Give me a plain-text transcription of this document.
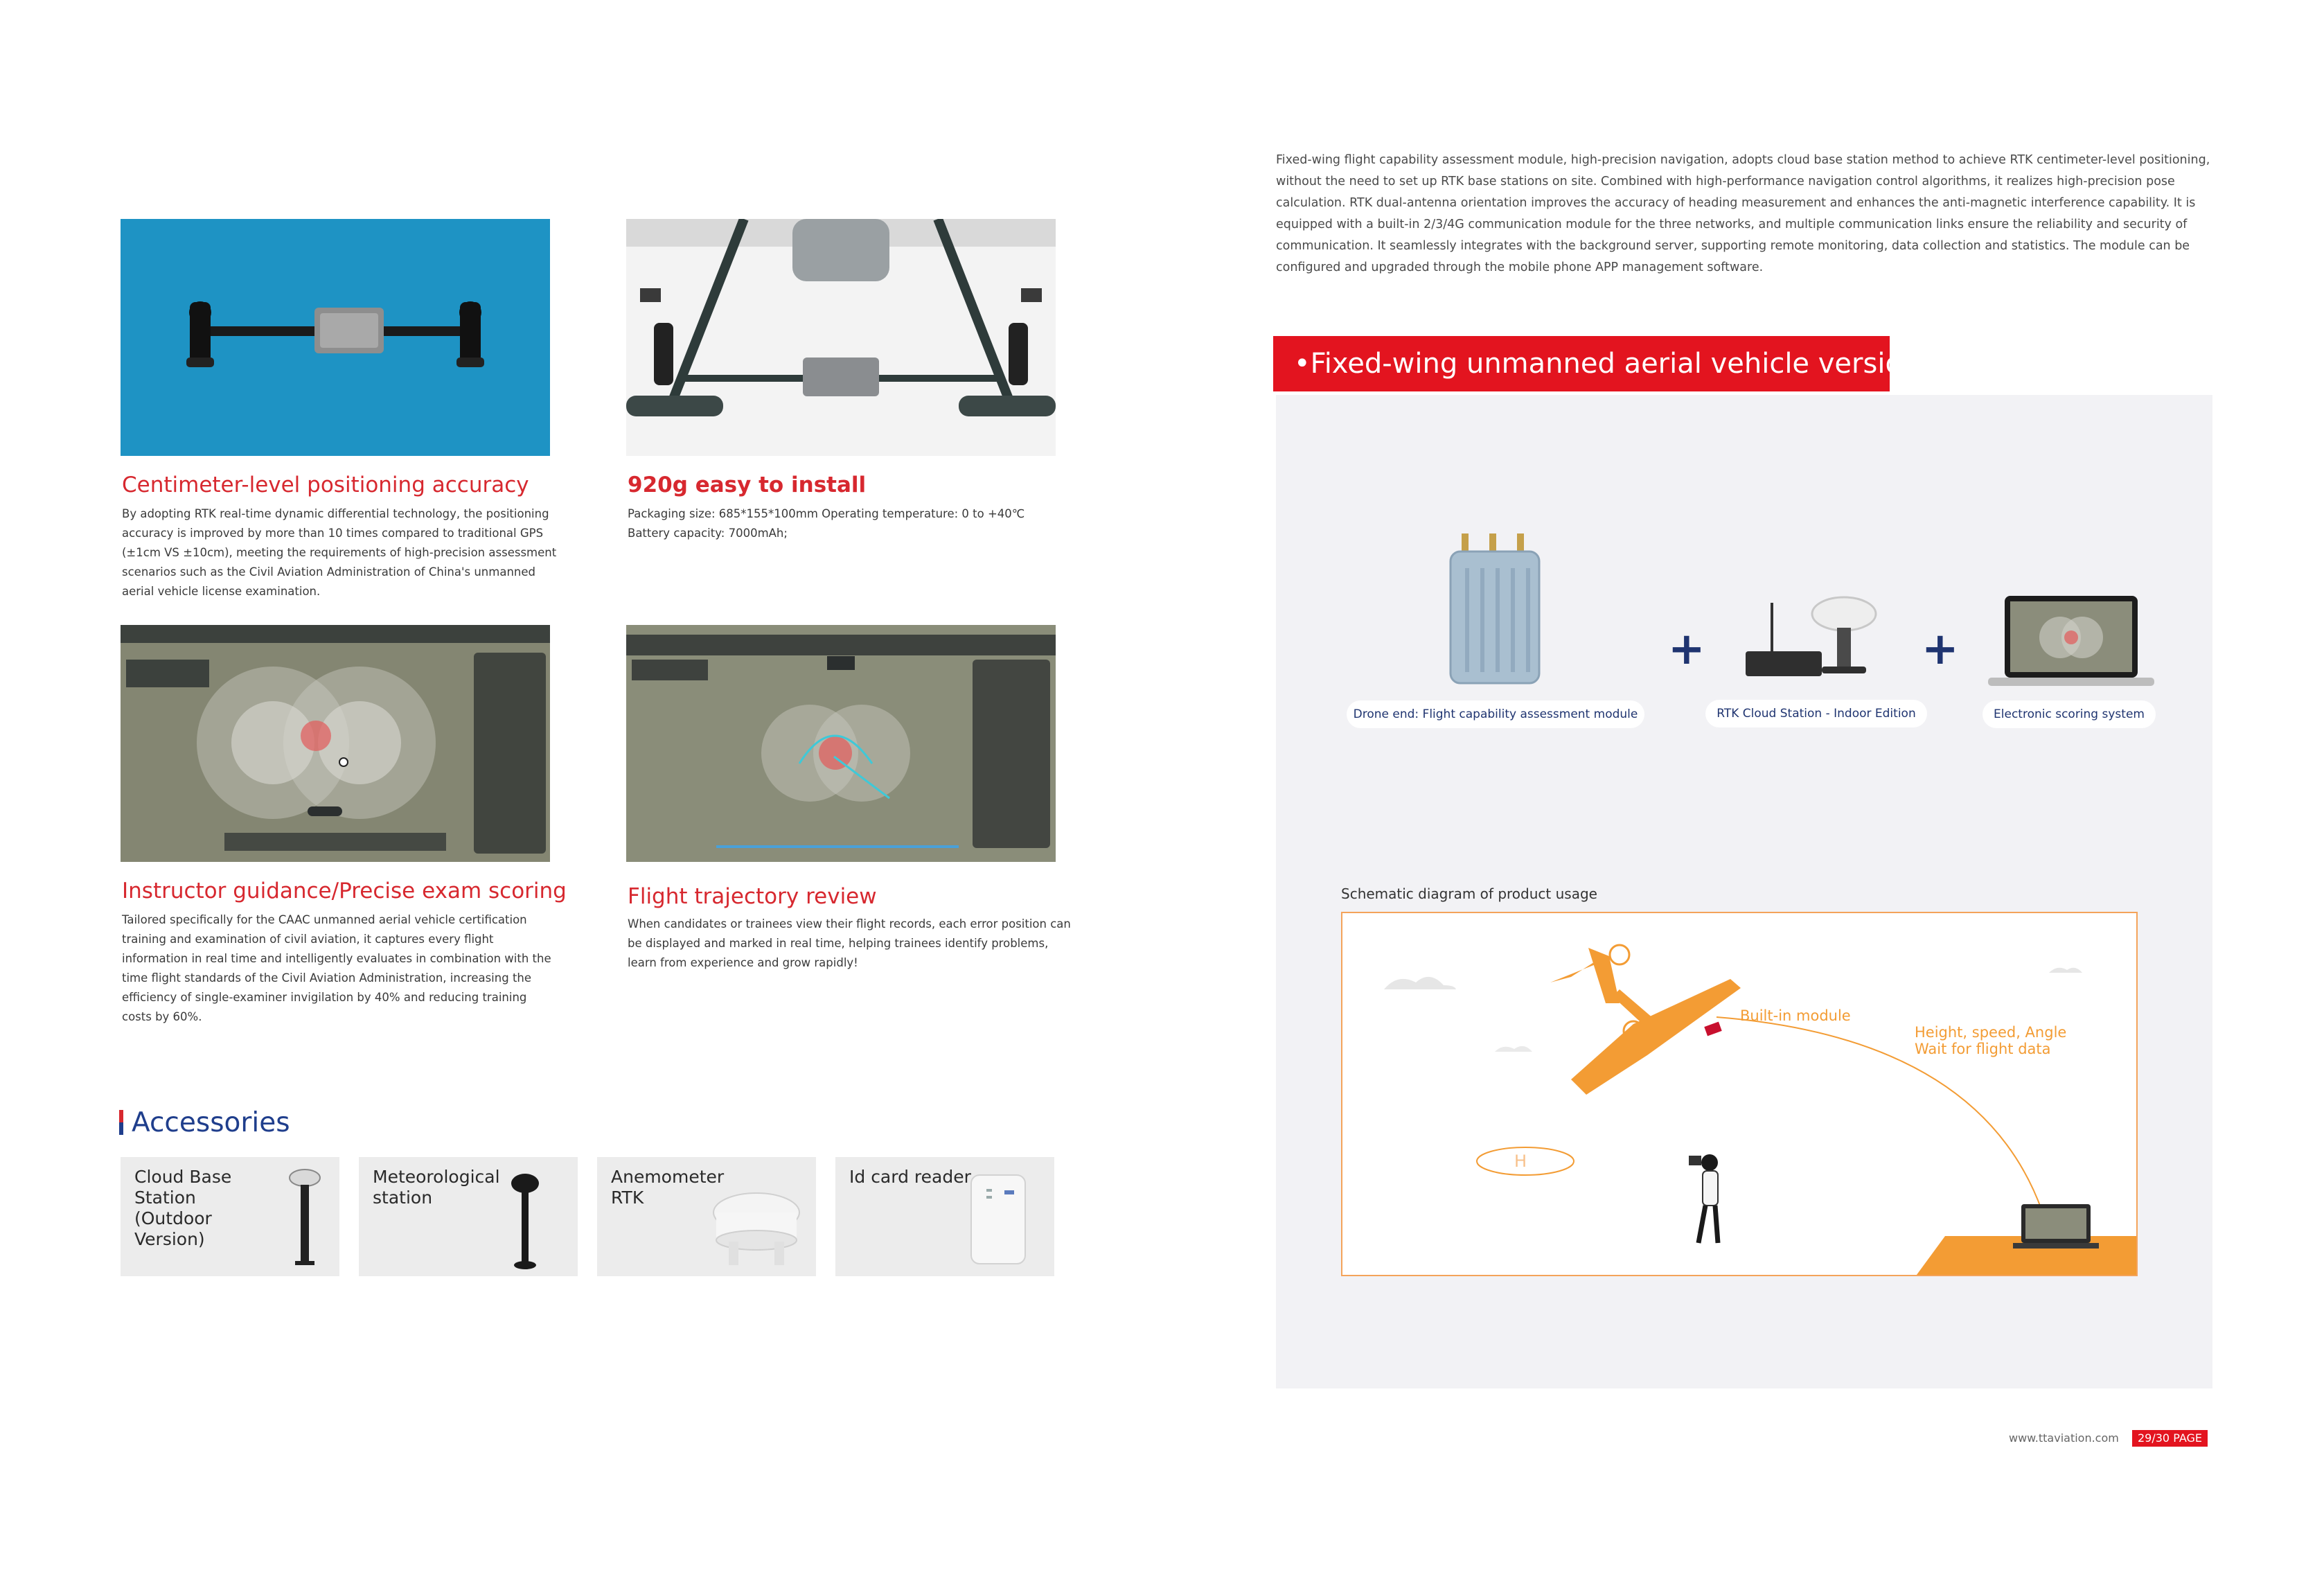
Centimeter-level positioning accuracy
By adopting RTK real-time dynamic differential technology, the positioning accuracy is improved by more than 10 times compared to traditional GPS (±1cm VS ±10cm), meeting the requirements of high-precision assessment scenarios such as the Civil Aviation Administration of China's unmanned aerial vehicle license examination.
920g easy to install
Packaging size: 685*155*100mm Operating temperature: 0 to +40℃ Battery capacity: 7000mAh;
Instructor guidance/Precise exam scoring
Tailored specifically for the CAAC unmanned aerial vehicle certification training and examination of civil aviation, it captures every flight information in real time and intelligently evaluates in combination with the time flight standards of the Civil Aviation Administration, increasing the efficiency of single-examiner invigilation by 40% and reducing training costs by 60%.
Flight trajectory review
When candidates or trainees view their flight records, each error position can be displayed and marked in real time, helping trainees identify problems, learn from experience and grow rapidly!
Accessories
Cloud Base Station (Outdoor Version)
Meteorological station
Anemometer RTK
Id card reader
Fixed-wing flight capability assessment module, high-precision navigation, adopts cloud base station method to achieve RTK centimeter-level positioning, without the need to set up RTK base stations on site. Combined with high-performance navigation control algorithms, it realizes high-precision pose calculation. RTK dual-antenna orientation improves the accuracy of heading measurement and enhances the anti-magnetic interference capability. It is equipped with a built-in 2/3/4G communication module for the three networks, and multiple communication links ensure the reliability and security of communication. It seamlessly integrates with the background server, supporting remote monitoring, data collection and statistics. The module can be configured and upgraded through the mobile phone APP management software.
•Fixed-wing unmanned aerial vehicle version
Drone end: Flight capability assessment module
+
RTK Cloud Station - Indoor Edition
+
Electronic scoring system
Schematic diagram of product usage
H
Built-in module
Height, speed, Angle
Wait for flight data
www.ttaviation.com	29/30 PAGE
